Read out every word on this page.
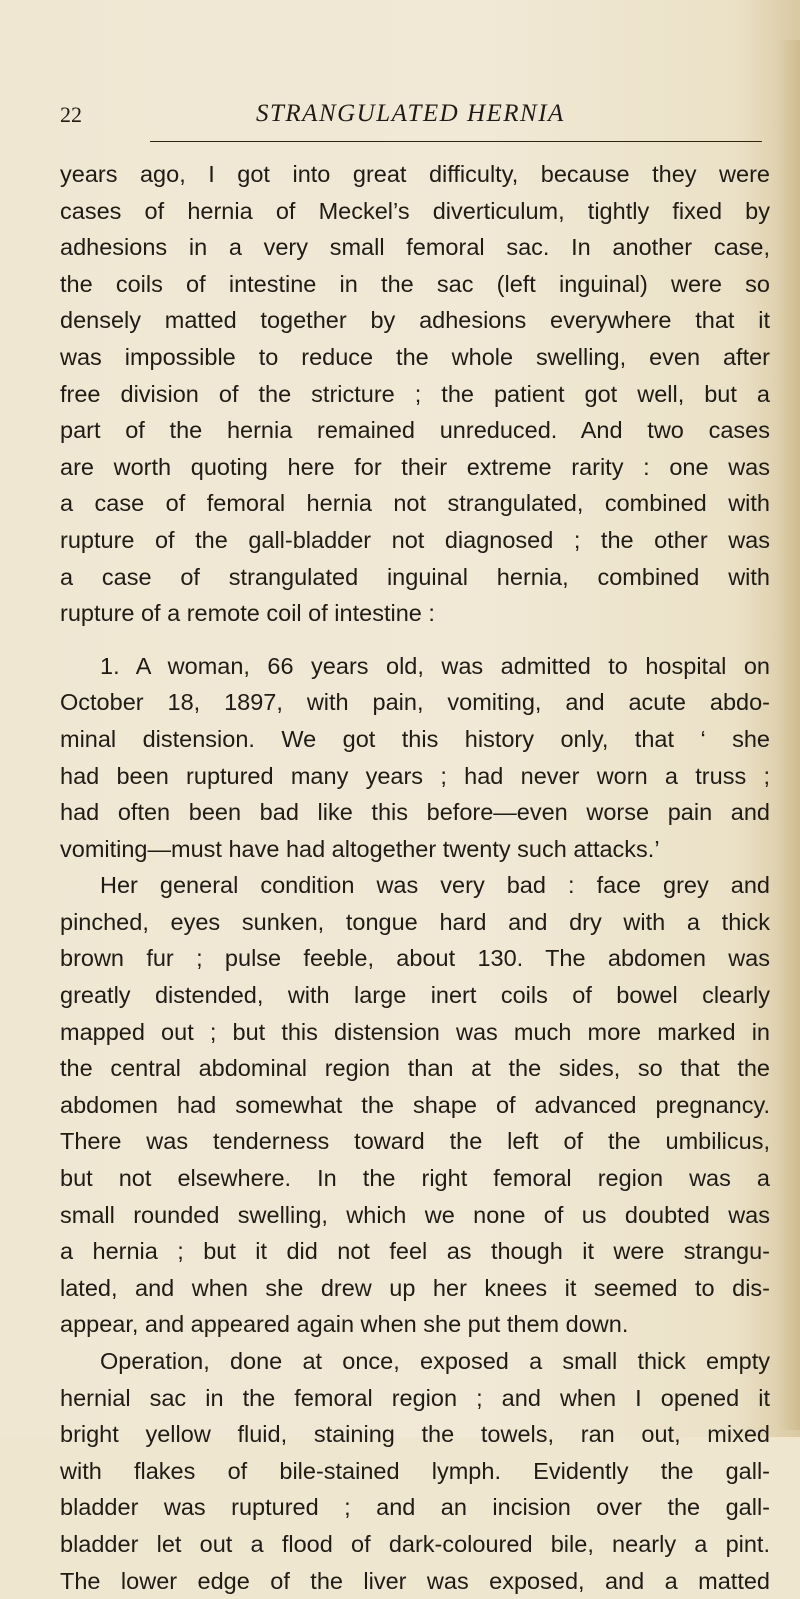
22	STRANGULATED HERNIA
years ago, I got into great difficulty, because they were
cases of hernia of Meckel’s diverticulum, tightly fixed by
adhesions in a very small femoral sac. In another case,
the coils of intestine in the sac (left inguinal) were so
densely matted together by adhesions everywhere that it
was impossible to reduce the whole swelling, even after
free division of the stricture ; the patient got well, but a
part of the hernia remained unreduced. And two cases
are worth quoting here for their extreme rarity : one was
a case of femoral hernia not strangulated, combined with
rupture of the gall-bladder not diagnosed ; the other was
a case of strangulated inguinal hernia, combined with
rupture of a remote coil of intestine :
1. A woman, 66 years old, was admitted to hospital on
October 18, 1897, with pain, vomiting, and acute abdo-
minal distension. We got this history only, that ‘ she
had been ruptured many years ; had never worn a truss ;
had often been bad like this before—even worse pain and
vomiting—must have had altogether twenty such attacks.’
Her general condition was very bad : face grey and
pinched, eyes sunken, tongue hard and dry with a thick
brown fur ; pulse feeble, about 130. The abdomen was
greatly distended, with large inert coils of bowel clearly
mapped out ; but this distension was much more marked in
the central abdominal region than at the sides, so that the
abdomen had somewhat the shape of advanced pregnancy.
There was tenderness toward the left of the umbilicus,
but not elsewhere. In the right femoral region was a
small rounded swelling, which we none of us doubted was
a hernia ; but it did not feel as though it were strangu-
lated, and when she drew up her knees it seemed to dis-
appear, and appeared again when she put them down.
Operation, done at once, exposed a small thick empty
hernial sac in the femoral region ; and when I opened it
bright yellow fluid, staining the towels, ran out, mixed
with flakes of bile-stained lymph. Evidently the gall-
bladder was ruptured ; and an incision over the gall-
bladder let out a flood of dark-coloured bile, nearly a pint.
The lower edge of the liver was exposed, and a matted
